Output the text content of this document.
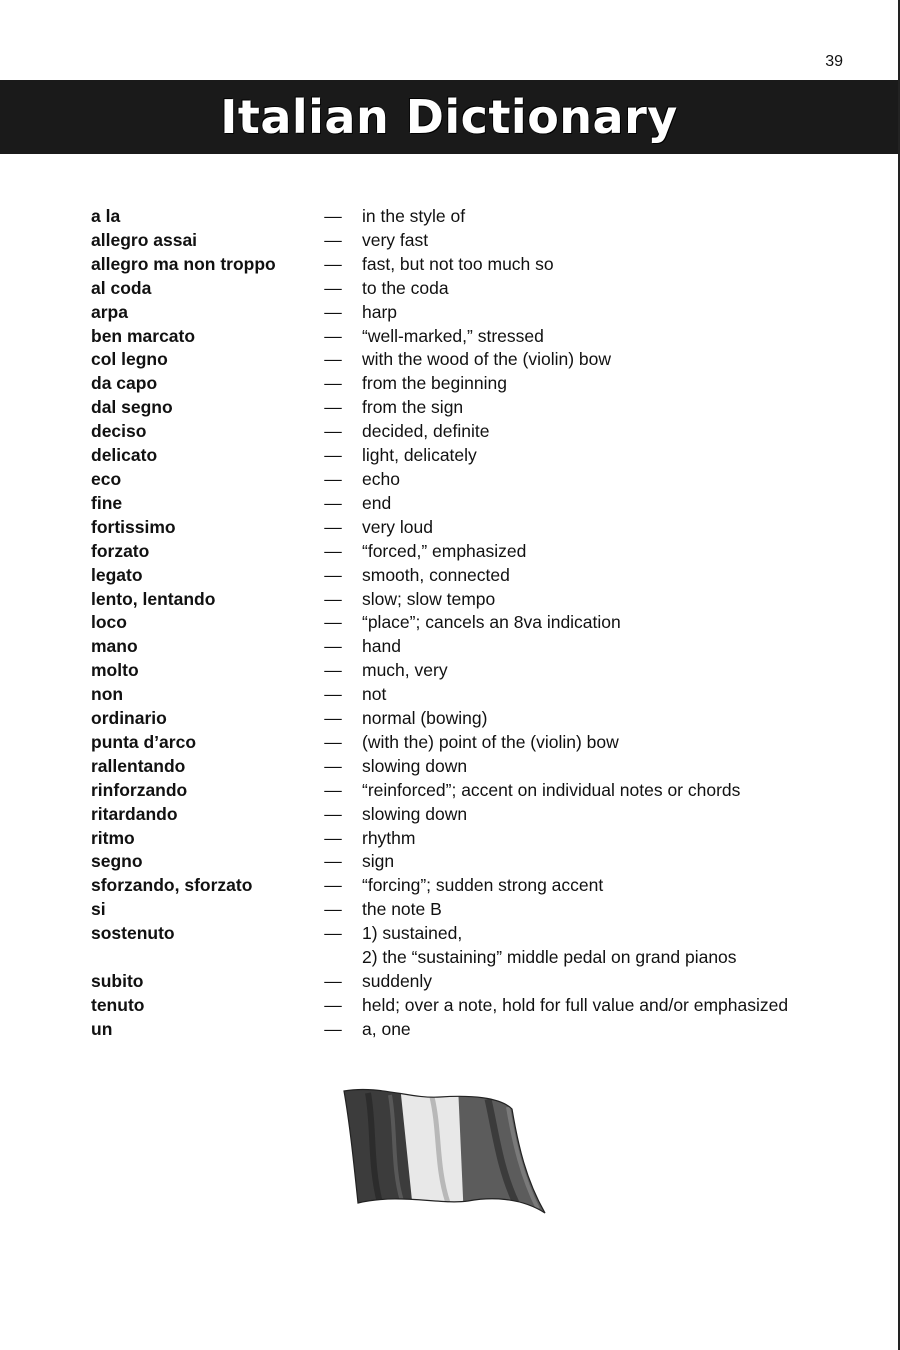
39
Italian Dictionary
a la	—	in the style of
allegro assai	—	very fast
allegro ma non troppo	—	fast, but not too much so
al coda	—	to the coda
arpa	—	harp
ben marcato	—	“well-marked,” stressed
col legno	—	with the wood of the (violin) bow
da capo	—	from the beginning
dal segno	—	from the sign
deciso	—	decided, definite
delicato	—	light, delicately
eco	—	echo
fine	—	end
fortissimo	—	very loud
forzato	—	“forced,” emphasized
legato	—	smooth, connected
lento, lentando	—	slow; slow tempo
loco	—	“place”; cancels an 8va indication
mano	—	hand
molto	—	much, very
non	—	not
ordinario	—	normal (bowing)
punta d’arco	—	(with the) point of the (violin) bow
rallentando	—	slowing down
rinforzando	—	“reinforced”; accent on individual notes or chords
ritardando	—	slowing down
ritmo	—	rhythm
segno	—	sign
sforzando, sforzato	—	“forcing”; sudden strong accent
si	—	the note B
sostenuto	—	1) sustained,
2) the “sustaining” middle pedal on grand pianos
subito	—	suddenly
tenuto	—	held; over a note, hold for full value and/or emphasized
un	—	a, one
